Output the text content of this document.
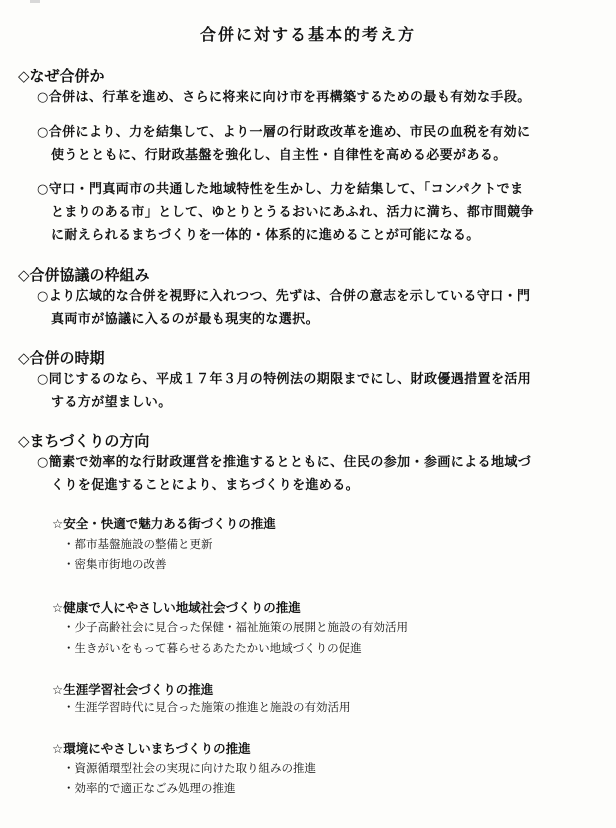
合併に対する基本的考え方
◇なぜ合併か
○合併は、行革を進め、さらに将来に向け市を再構築するための最も有効な手段。
○合併により、力を結集して、より一層の行財政改革を進め、市民の血税を有効に
使うとともに、行財政基盤を強化し、自主性・自律性を高める必要がある。
○守口・門真両市の共通した地域特性を生かし、力を結集して、「コンパクトでま
とまりのある市」として、ゆとりとうるおいにあふれ、活力に満ち、都市間競争
に耐えられるまちづくりを一体的・体系的に進めることが可能になる。
◇合併協議の枠組み
○より広域的な合併を視野に入れつつ、先ずは、合併の意志を示している守口・門
真両市が協議に入るのが最も現実的な選択。
◇合併の時期
○同じするのなら、平成１７年３月の特例法の期限までにし、財政優遇措置を活用
する方が望ましい。
◇まちづくりの方向
○簡素で効率的な行財政運営を推進するとともに、住民の参加・参画による地域づ
くりを促進することにより、まちづくりを進める。
☆安全・快適で魅力ある街づくりの推進
・都市基盤施設の整備と更新
・密集市街地の改善
☆健康で人にやさしい地域社会づくりの推進
・少子高齢社会に見合った保健・福祉施策の展開と施設の有効活用
・生きがいをもって暮らせるあたたかい地域づくりの促進
☆生涯学習社会づくりの推進
・生涯学習時代に見合った施策の推進と施設の有効活用
☆環境にやさしいまちづくりの推進
・資源循環型社会の実現に向けた取り組みの推進
・効率的で適正なごみ処理の推進
